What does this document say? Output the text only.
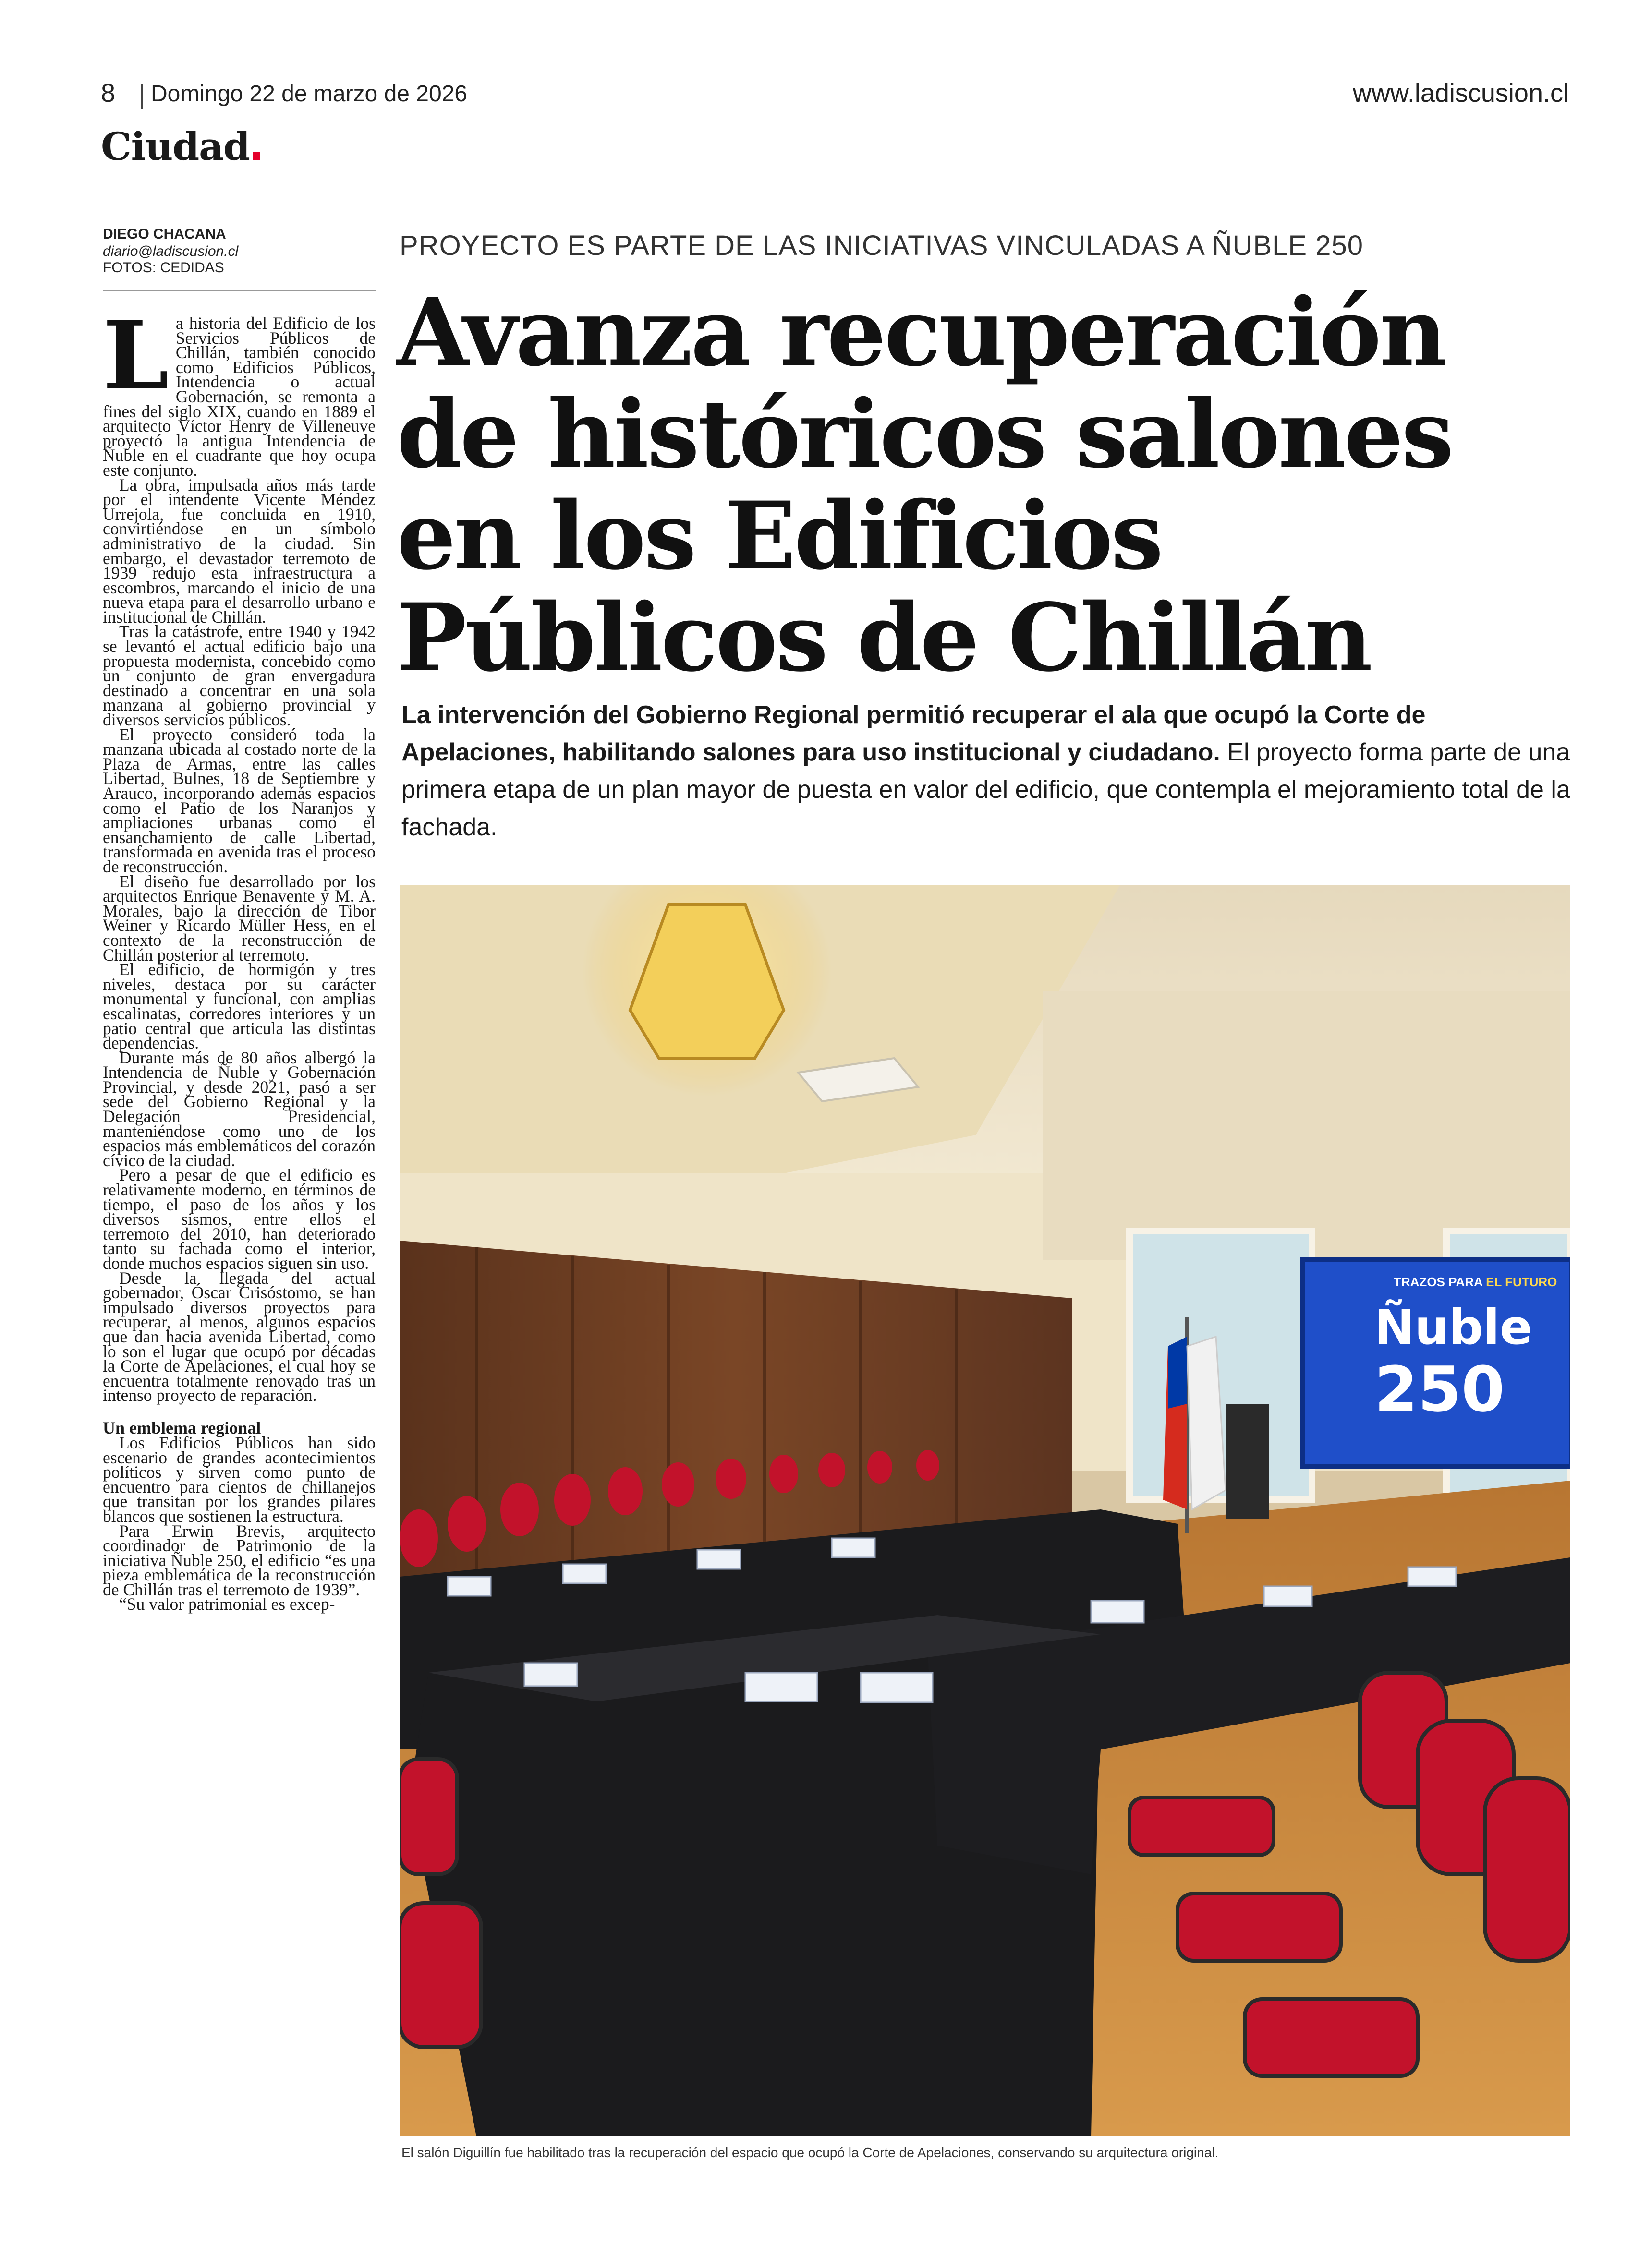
8 Domingo 22 de marzo de 2026	www.ladiscusion.cl
Ciudad
DIEGO CHACANA
diario@ladiscusion.cl
FOTOS: CEDIDAS
PROYECTO ES PARTE DE LAS INICIATIVAS VINCULADAS A ÑUBLE 250
Avanza recuperación de históricos salones en los Edificios Públicos de Chillán

La intervención del Gobierno Regional permitió recuperar el ala que ocupó la Corte de Apelaciones, habilitando salones para uso institucional y ciudadano. El proyecto forma parte de una primera etapa de un plan mayor de puesta en valor del edificio, que contempla el mejoramiento total de la fachada.

La historia del Edificio de los Servicios Públicos de Chillán, también conocido como Edificios Públicos, Intendencia o actual Gobernación, se remonta a fines del siglo XIX, cuando en 1889 el arquitecto Víctor Henry de Villeneuve proyectó la antigua Intendencia de Ñuble en el cuadrante que hoy ocupa este conjunto.

La obra, impulsada años más tarde por el intendente Vicente Méndez Urrejola, fue concluida en 1910, convirtiéndose en un símbolo administrativo de la ciudad. Sin embargo, el devastador terremoto de 1939 redujo esta infraestructura a escombros, marcando el inicio de una nueva etapa para el desarrollo urbano e institucional de Chillán.

Tras la catástrofe, entre 1940 y 1942 se levantó el actual edificio bajo una propuesta modernista, concebido como un conjunto de gran envergadura destinado a concentrar en una sola manzana al gobierno provincial y diversos servicios públicos.

El proyecto consideró toda la manzana ubicada al costado norte de la Plaza de Armas, entre las calles Libertad, Bulnes, 18 de Septiembre y Arauco, incorporando además espacios como el Patio de los Naranjos y ampliaciones urbanas como el ensanchamiento de calle Libertad, transformada en avenida tras el proceso de reconstrucción.

El diseño fue desarrollado por los arquitectos Enrique Benavente y M. A. Morales, bajo la dirección de Tibor Weiner y Ricardo Müller Hess, en el contexto de la reconstrucción de Chillán posterior al terremoto.

El edificio, de hormigón y tres niveles, destaca por su carácter monumental y funcional, con amplias escalinatas, corredores interiores y un patio central que articula las distintas dependencias.

Durante más de 80 años albergó la Intendencia de Ñuble y Gobernación Provincial, y desde 2021, pasó a ser sede del Gobierno Regional y la Delegación Presidencial, manteniéndose como uno de los espacios más emblemáticos del corazón cívico de la ciudad.

Pero a pesar de que el edificio es relativamente moderno, en términos de tiempo, el paso de los años y los diversos sismos, entre ellos el terremoto del 2010, han deteriorado tanto su fachada como el interior, donde muchos espacios siguen sin uso.

Desde la llegada del actual gobernador, Óscar Crisóstomo, se han impulsado diversos proyectos para recuperar, al menos, algunos espacios que dan hacia avenida Libertad, como lo son el lugar que ocupó por décadas la Corte de Apelaciones, el cual hoy se encuentra totalmente renovado tras un intenso proyecto de reparación.

Un emblema regional

Los Edificios Públicos han sido escenario de grandes acontecimientos políticos y sirven como punto de encuentro para cientos de chillanejos que transitan por los grandes pilares blancos que sostienen la estructura.

Para Erwin Brevis, arquitecto coordinador de Patrimonio de la iniciativa Ñuble 250, el edificio “es una pieza emblemática de la reconstrucción de Chillán tras el terremoto de 1939”.

“Su valor patrimonial es excep-

TRAZOS PARA EL FUTURO
Ñuble
250
El salón Diguillín fue habilitado tras la recuperación del espacio que ocupó la Corte de Apelaciones, conservando su arquitectura original.
